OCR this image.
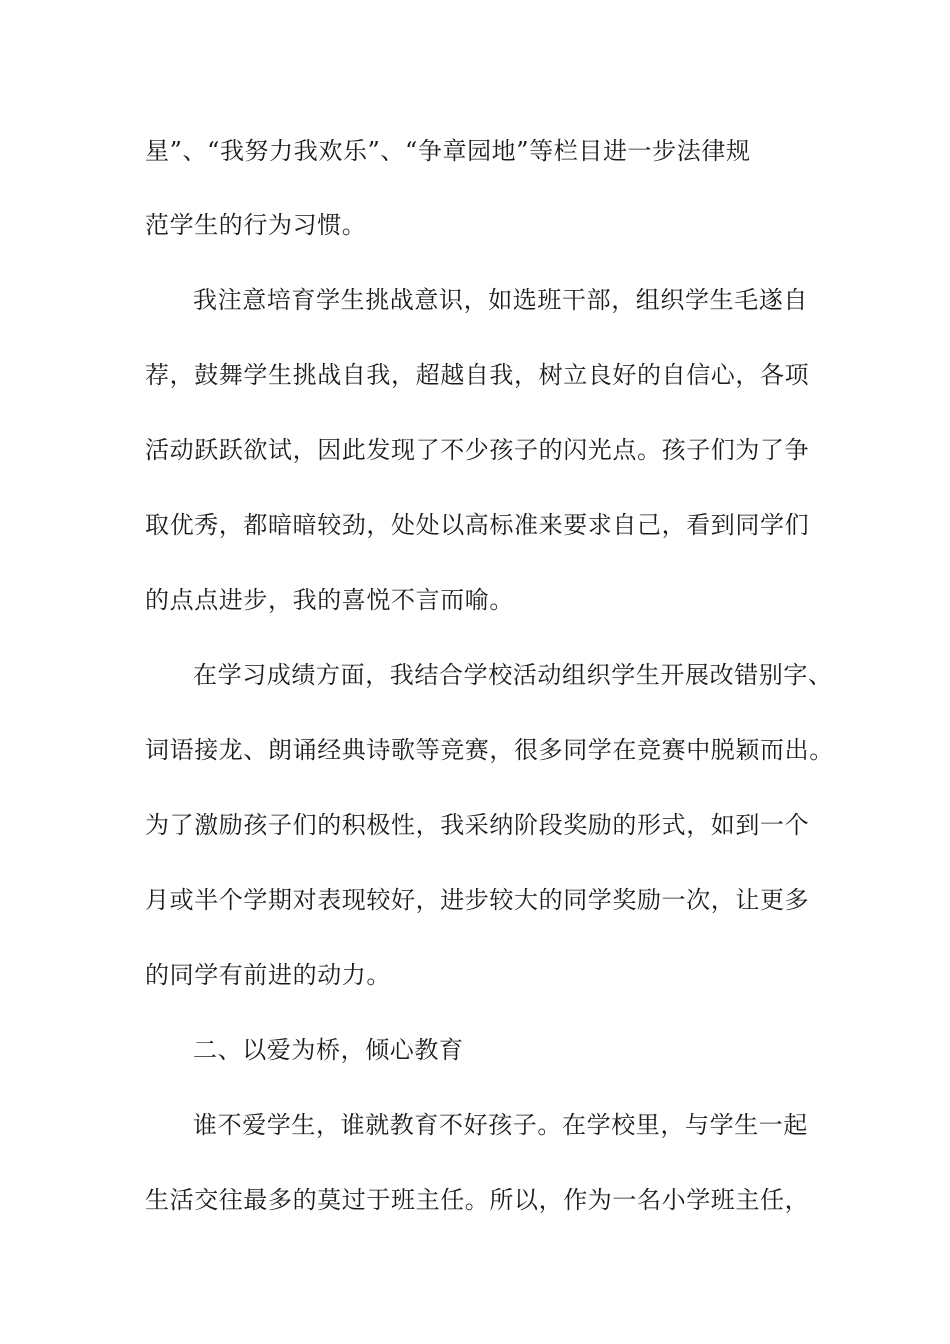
星”、“我努力我欢乐”、“争章园地”等栏目进一步法律规
范学生的行为习惯。
我注意培育学生挑战意识，如选班干部，组织学生毛遂自
荐，鼓舞学生挑战自我，超越自我，树立良好的自信心，各项
活动跃跃欲试，因此发现了不少孩子的闪光点。孩子们为了争
取优秀，都暗暗较劲，处处以高标准来要求自己，看到同学们
的点点进步，我的喜悦不言而喻。
在学习成绩方面，我结合学校活动组织学生开展改错别字、
词语接龙、朗诵经典诗歌等竞赛，很多同学在竞赛中脱颖而出。
为了激励孩子们的积极性，我采纳阶段奖励的形式，如到一个
月或半个学期对表现较好，进步较大的同学奖励一次，让更多
的同学有前进的动力。
二、以爱为桥，倾心教育
谁不爱学生，谁就教育不好孩子。在学校里，与学生一起
生活交往最多的莫过于班主任。所以，作为一名小学班主任，
